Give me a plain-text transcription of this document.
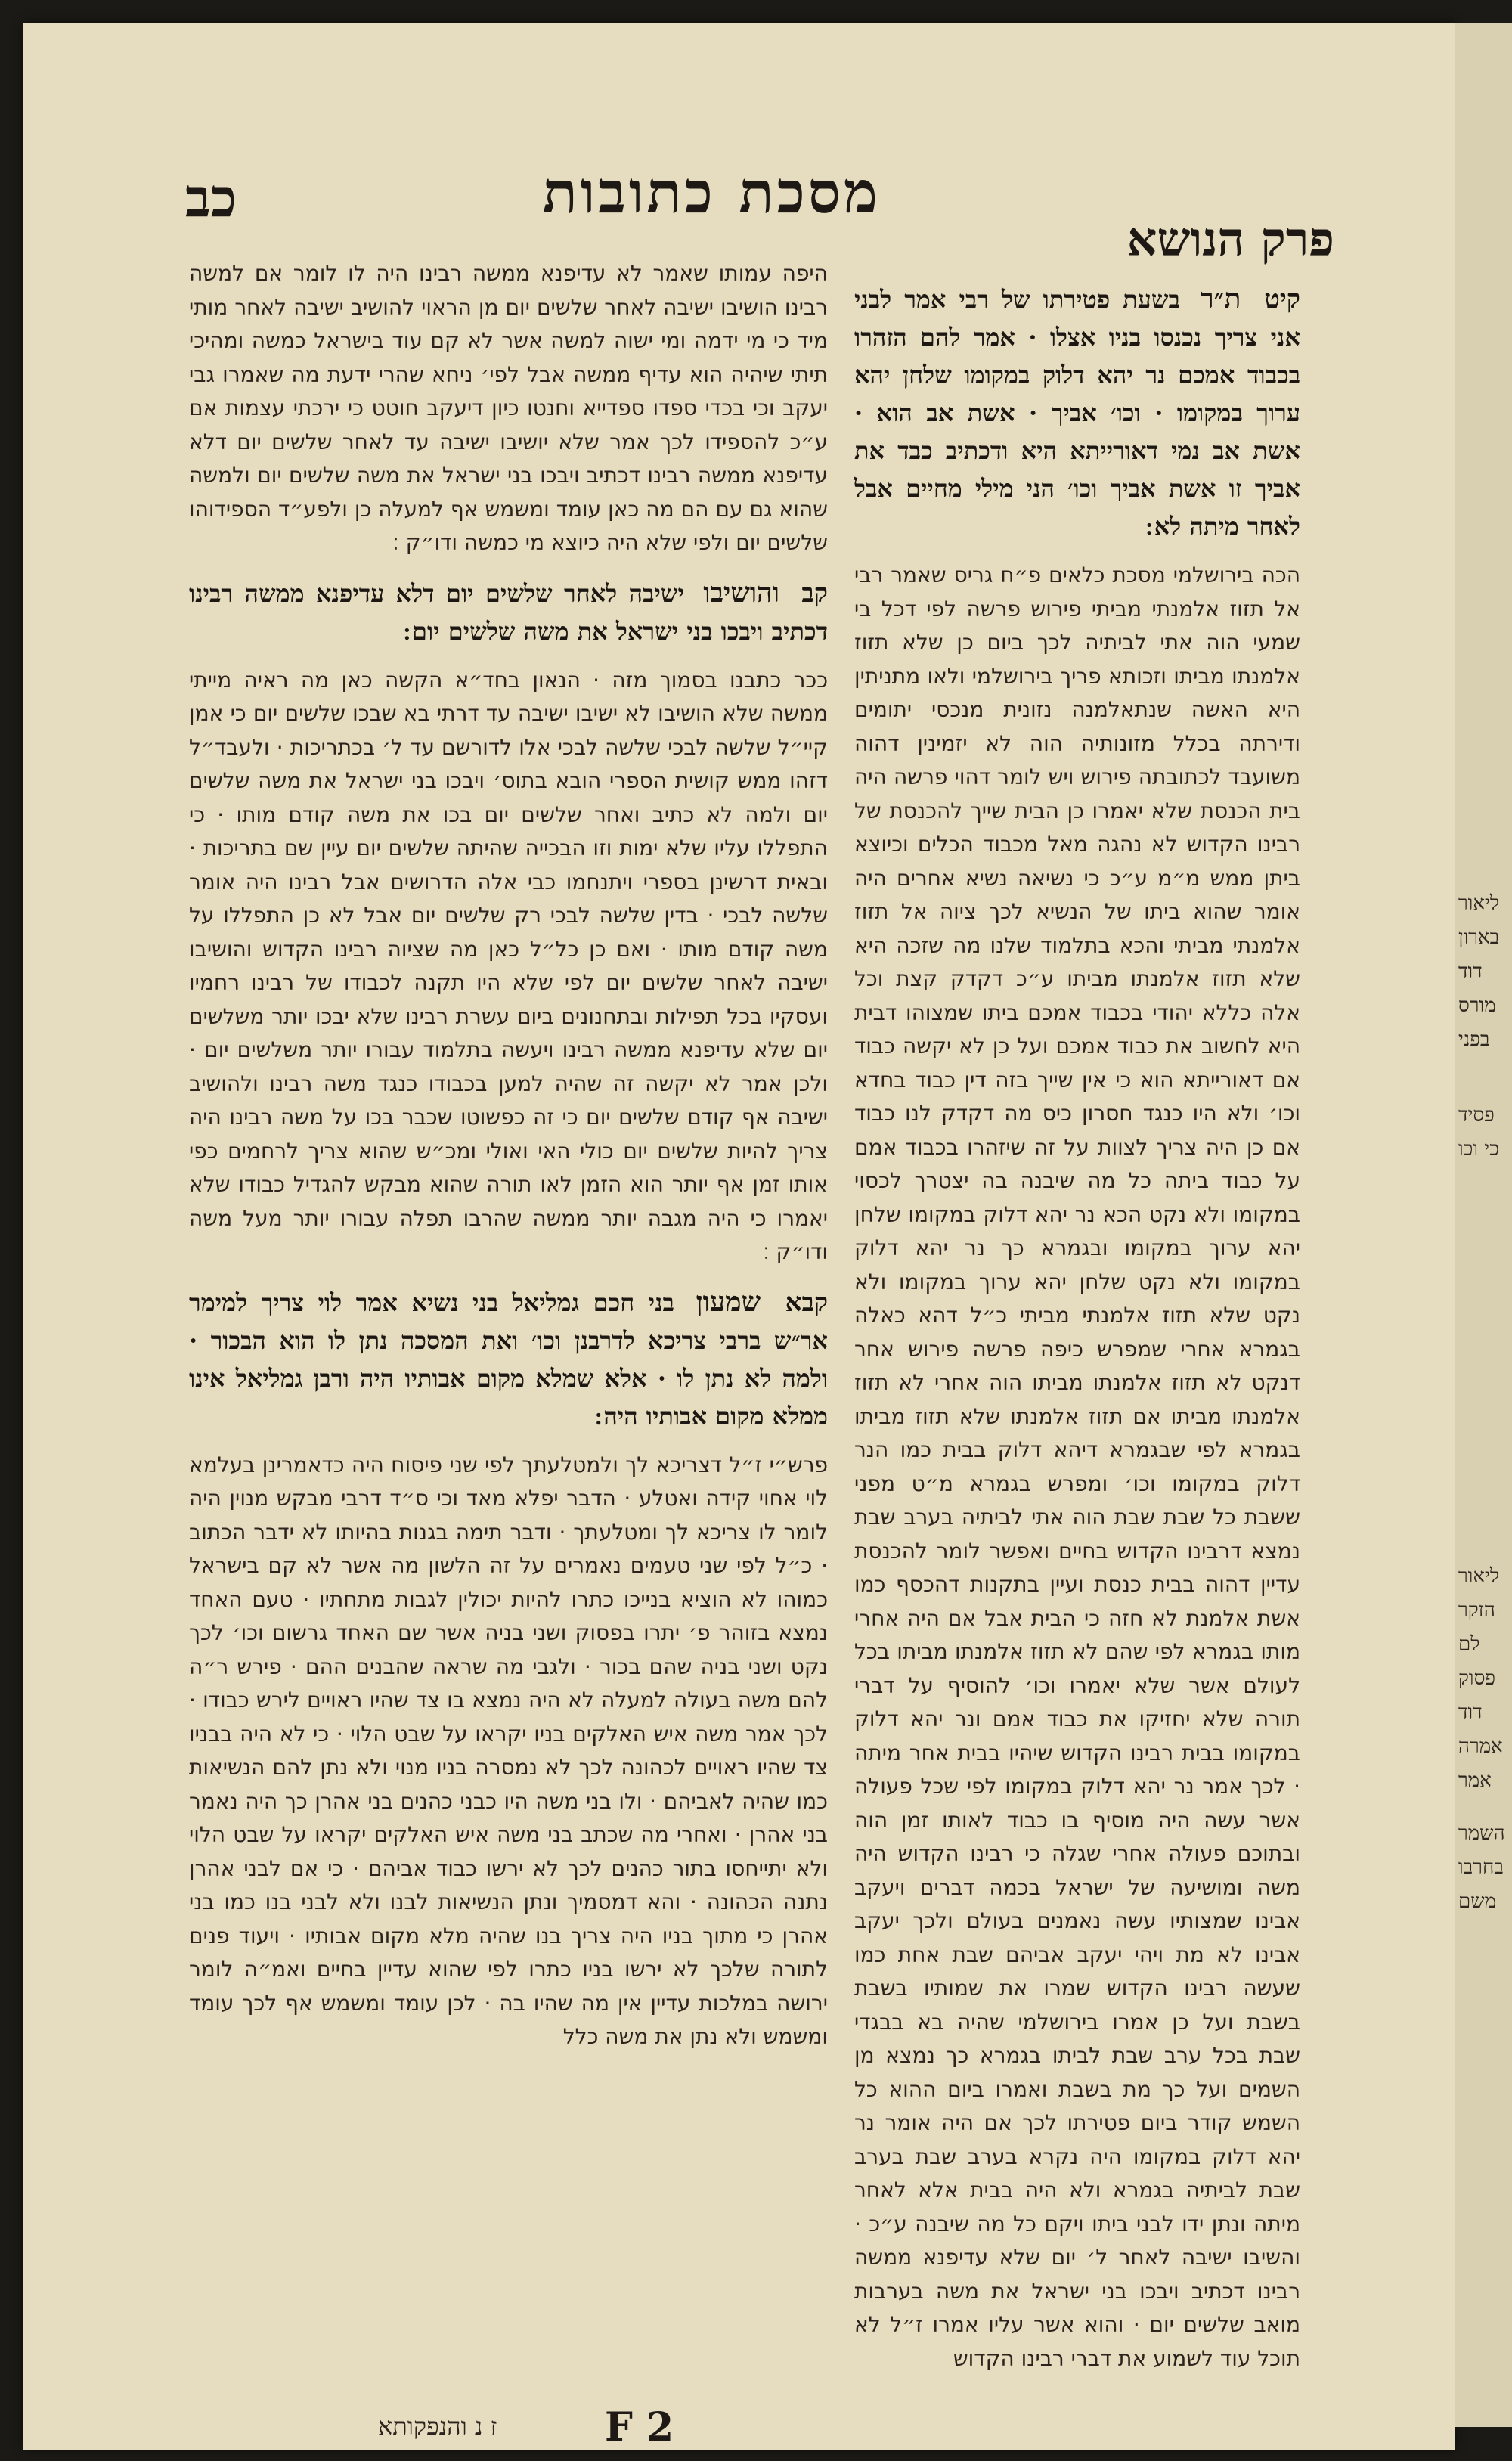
מסכת כתובות
כב
פרק הנושא
קיט ת״ר בשעת פטירתו של רבי אמר לבני אני צריך נכנסו בניו אצלו · אמר להם הזהרו בכבוד אמכם נר יהא דלוק במקומו שלחן יהא ערוך במקומו · וכו׳ אביך · אשת אב הוא · אשת אב נמי דאורייתא היא ודכתיב כבד את אביך זו אשת אביך וכו׳ הני מילי מחיים אבל לאחר מיתה לא ׃
הכה בירושלמי מסכת כלאים פ״ח גריס שאמר רבי אל תזוז אלמנתי מביתי פירוש פרשה לפי דכל בי שמעי הוה אתי לביתיה לכך ביום כן שלא תזוז אלמנתו מביתו וזכותא פריך בירושלמי ולאו מתניתין היא האשה שנתאלמנה נזונית מנכסי יתומים ודירתה בכלל מזונותיה הוה לא יזמינין דהוה משועבד לכתובתה פירוש ויש לומר דהוי פרשה היה בית הכנסת שלא יאמרו כן הבית שייך להכנסת של רבינו הקדוש לא נהגה מאל מכבוד הכלים וכיוצא ביתן ממש מ״מ ע״כ כי נשיאה נשיא אחרים היה אומר שהוא ביתו של הנשיא לכך ציוה אל תזוז אלמנתי מביתי והכא בתלמוד שלנו מה שזכה היא שלא תזוז אלמנתו מביתו ע״כ דקדק קצת וכל אלה כללא יהודי בכבוד אמכם ביתו שמצוהו דבית היא לחשוב את כבוד אמכם ועל כן לא יקשה כבוד אם דאורייתא הוא כי אין שייך בזה דין כבוד בחדא וכו׳ ולא היו כנגד חסרון כיס מה דקדק לנו כבוד אם כן היה צריך לצוות על זה שיזהרו בכבוד אמם על כבוד ביתה כל מה שיבנה בה יצטרך לכסוי במקומו ולא נקט הכא נר יהא דלוק במקומו שלחן יהא ערוך במקומו ובגמרא כך נר יהא דלוק במקומו ולא נקט שלחן יהא ערוך במקומו ולא נקט שלא תזוז אלמנתי מביתי כ״ל דהא כאלה בגמרא אחרי שמפרש כיפה פרשה פירוש אחר דנקט לא תזוז אלמנתו מביתו הוה אחרי לא תזוז אלמנתו מביתו אם תזוז אלמנתו שלא תזוז מביתו בגמרא לפי שבגמרא דיהא דלוק בבית כמו הנר דלוק במקומו וכו׳ ומפרש בגמרא מ״ט מפני ששבת כל שבת שבת הוה אתי לביתיה בערב שבת נמצא דרבינו הקדוש בחיים ואפשר לומר להכנסת עדיין דהוה בבית כנסת ועיין בתקנות דהכסף כמו אשת אלמנת לא חזה כי הבית אבל אם היה אחרי מותו בגמרא לפי שהם לא תזוז אלמנתו מביתו בכל לעולם אשר שלא יאמרו וכו׳ להוסיף על דברי תורה שלא יחזיקו את כבוד אמם ונר יהא דלוק במקומו בבית רבינו הקדוש שיהיו בבית אחר מיתה · לכך אמר נר יהא דלוק במקומו לפי שכל פעולה אשר עשה היה מוסיף בו כבוד לאותו זמן הוה ובתוכם פעולה אחרי שגלה כי רבינו הקדוש היה משה ומושיעה של ישראל בכמה דברים ויעקב אבינו שמצותיו עשה נאמנים בעולם ולכך יעקב אבינו לא מת ויהי יעקב אביהם שבת אחת כמו שעשה רבינו הקדוש שמרו את שמותיו בשבת בשבת ועל כן אמרו בירושלמי שהיה בא בבגדי שבת בכל ערב שבת לביתו בגמרא כך נמצא מן השמים ועל כך מת בשבת ואמרו ביום ההוא כל השמש קודר ביום פטירתו לכך אם היה אומר נר יהא דלוק במקומו היה נקרא בערב שבת בערב שבת לביתיה בגמרא ולא היה בבית אלא לאחר מיתה ונתן ידו לבני ביתו ויקם כל מה שיבנה ע״כ · והשיבו ישיבה לאחר ל׳ יום שלא עדיפנא ממשה רבינו דכתיב ויבכו בני ישראל את משה בערבות מואב שלשים יום · והוא אשר עליו אמרו ז״ל לא תוכל עוד לשמוע את דברי רבינו הקדוש
היפה עמותו שאמר לא עדיפנא ממשה רבינו היה לו לומר אם למשה רבינו הושיבו ישיבה לאחר שלשים יום מן הראוי להושיב ישיבה לאחר מותי מיד כי מי ידמה ומי ישוה למשה אשר לא קם עוד בישראל כמשה ומהיכי תיתי שיהיה הוא עדיף ממשה אבל לפי׳ ניחא שהרי ידעת מה שאמרו גבי יעקב וכי בכדי ספדו ספדייא וחנטו כיון דיעקב חוטט כי ירכתי עצמות אם ע״כ להספידו לכך אמר שלא יושיבו ישיבה עד לאחר שלשים יום דלא עדיפנא ממשה רבינו דכתיב ויבכו בני ישראל את משה שלשים יום ולמשה שהוא גם עם הם מה כאן עומד ומשמש אף למעלה כן ולפע״ד הספידוהו שלשים יום ולפי שלא היה כיוצא מי כמשה ודו״ק ׃
קב והושיבו ישיבה לאחר שלשים יום דלא עדיפנא ממשה רבינו דכתיב ויבכו בני ישראל את משה שלשים יום ׃
ככר כתבנו בסמוך מזה · הנאון בחד״א הקשה כאן מה ראיה מייתי ממשה שלא הושיבו לא ישיבו ישיבה עד דרתי בא שבכו שלשים יום כי אמן קיי״ל שלשה לבכי שלשה לבכי אלו לדורשם עד ל׳ בכתריכות · ולעבד״ל דזהו ממש קושית הספרי הובא בתוס׳ ויבכו בני ישראל את משה שלשים יום ולמה לא כתיב ואחר שלשים יום בכו את משה קודם מותו · כי התפללו עליו שלא ימות וזו הבכייה שהיתה שלשים יום עיין שם בתריכות · ובאית דרשינן בספרי ויתנחמו כבי אלה הדרושים אבל רבינו היה אומר שלשה לבכי · בדין שלשה לבכי רק שלשים יום אבל לא כן התפללו על משה קודם מותו · ואם כן כל״ל כאן מה שציוה רבינו הקדוש והושיבו ישיבה לאחר שלשים יום לפי שלא היו תקנה לכבודו של רבינו רחמיו ועסקיו בכל תפילות ובתחנונים ביום עשרת רבינו שלא יבכו יותר משלשים יום שלא עדיפנא ממשה רבינו ויעשה בתלמוד עבורו יותר משלשים יום · ולכן אמר לא יקשה זה שהיה למען בכבודו כנגד משה רבינו ולהושיב ישיבה אף קודם שלשים יום כי זה כפשוטו שכבר בכו על משה רבינו היה צריך להיות שלשים יום כולי האי ואולי ומכ״ש שהוא צריך לרחמים כפי אותו זמן אף יותר הוא הזמן לאו תורה שהוא מבקש להגדיל כבודו שלא יאמרו כי היה מגבה יותר ממשה שהרבו תפלה עבורו יותר מעל משה ודו״ק ׃
קבא שמעון בני חכם גמליאל בני נשיא אמר לוי צריך למימר אר״ש ברבי צריכא לדרבנן וכו׳ ואת המסכה נתן לו הוא הבכור · ולמה לא נתן לו · אלא שמלא מקום אבותיו היה ורבן גמליאל אינו ממלא מקום אבותיו היה ׃
פרש״י ז״ל דצריכא לך ולמטלעתך לפי שני פיסוח היה כדאמרינן בעלמא לוי אחוי קידה ואטלע · הדבר יפלא מאד וכי ס״ד דרבי מבקש מנוין היה לומר לו צריכא לך ומטלעתך · ודבר תימה בגנות בהיותו לא ידבר הכתוב · כ״ל לפי שני טעמים נאמרים על זה הלשון מה אשר לא קם בישראל כמוהו לא הוציא בנייכו כתרו להיות יכולין לגבות מתחתיו · טעם האחד נמצא בזוהר פ׳ יתרו בפסוק ושני בניה אשר שם האחד גרשום וכו׳ לכך נקט ושני בניה שהם בכור · ולגבי מה שראה שהבנים ההם · פירש ר״ה להם משה בעולה למעלה לא היה נמצא בו צד שהיו ראויים לירש כבודו · לכך אמר משה איש האלקים בניו יקראו על שבט הלוי · כי לא היה בבניו צד שהיו ראויים לכהונה לכך לא נמסרה בניו מנוי ולא נתן להם הנשיאות כמו שהיה לאביהם · ולו בני משה היו כבני כהנים בני אהרן כך היה נאמר בני אהרן · ואחרי מה שכתב בני משה איש האלקים יקראו על שבט הלוי ולא יתייחסו בתור כהנים לכך לא ירשו כבוד אביהם · כי אם לבני אהרן נתנה הכהונה · והא דמסמיך ונתן הנשיאות לבנו ולא לבני בנו כמו בני אהרן כי מתוך בניו היה צריך בנו שהיה מלא מקום אבותיו · ויעוד פנים לתורה שלכך לא ירשו בניו כתרו לפי שהוא עדיין בחיים ואמ״ה לומר ירושה במלכות עדיין אין מה שהיו בה · לכן עומד ומשמש אף לכך עומד ומשמש ולא נתן את משה כלל
ז נ והנפקותא	F 2
ליאור
בארון
דוד
מורס
בפני
פסיד
כי וכו
ליאור
הזקר
לם
פסוק
דוד
אמרה
אמר
השמר
בחרבו
משם
